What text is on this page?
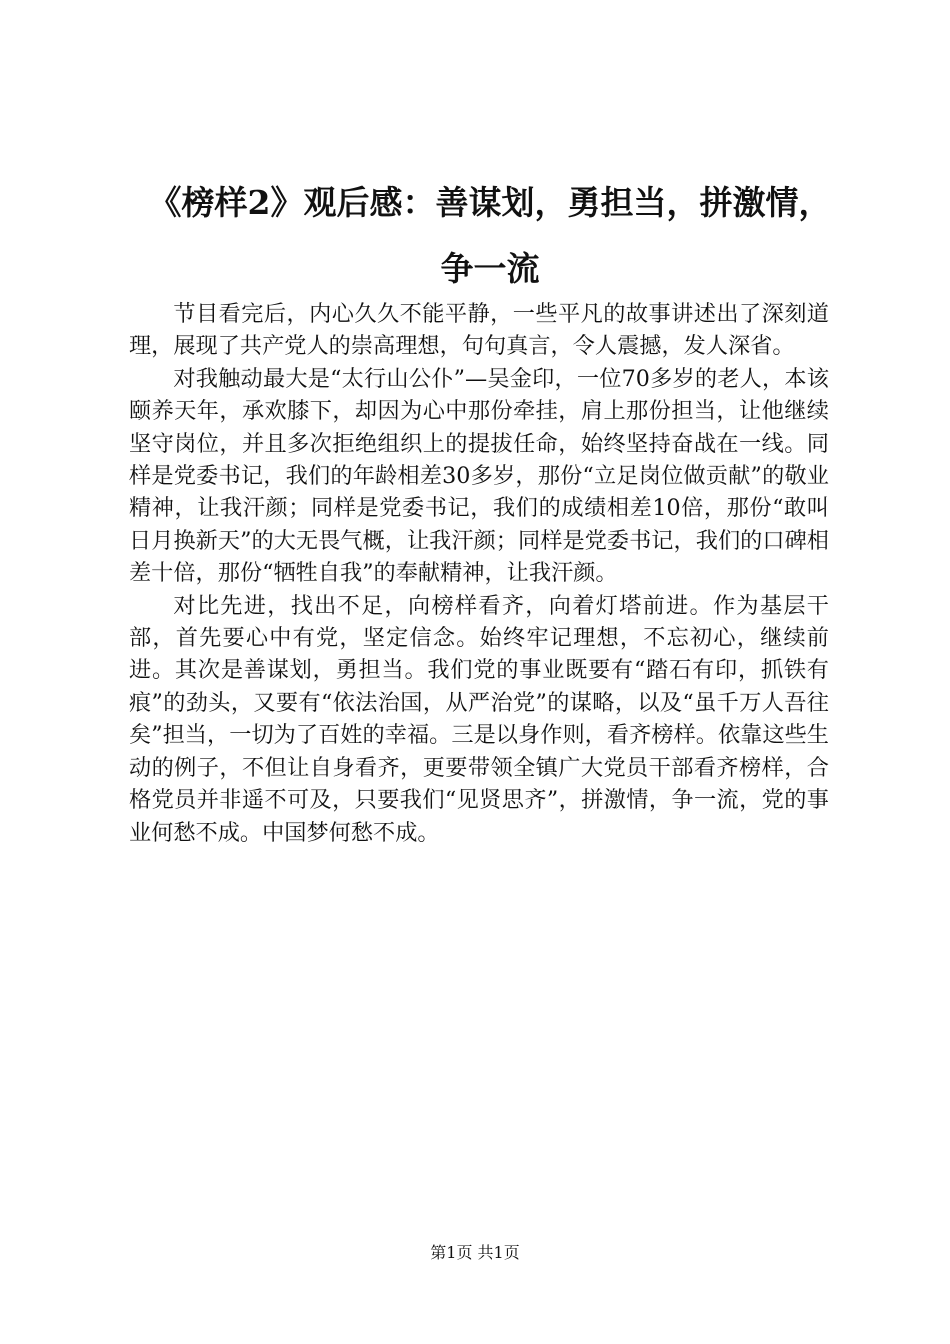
《榜样2》观后感：善谋划，勇担当，拼激情，
争一流

节目看完后，内心久久不能平静，一些平凡的故事讲述出了深刻道理，展现了共产党人的崇高理想，句句真言，令人震撼，发人深省。

对我触动最大是“太行山公仆”—吴金印，一位70多岁的老人，本该颐养天年，承欢膝下，却因为心中那份牵挂，肩上那份担当，让他继续坚守岗位，并且多次拒绝组织上的提拔任命，始终坚持奋战在一线。同样是党委书记，我们的年龄相差30多岁，那份“立足岗位做贡献”的敬业精神，让我汗颜；同样是党委书记，我们的成绩相差10倍，那份“敢叫日月换新天”的大无畏气概，让我汗颜；同样是党委书记，我们的口碑相差十倍，那份“牺牲自我”的奉献精神，让我汗颜。

对比先进，找出不足，向榜样看齐，向着灯塔前进。作为基层干部，首先要心中有党，坚定信念。始终牢记理想，不忘初心，继续前进。其次是善谋划，勇担当。我们党的事业既要有“踏石有印，抓铁有痕”的劲头，又要有“依法治国，从严治党”的谋略，以及“虽千万人吾往矣”担当，一切为了百姓的幸福。三是以身作则，看齐榜样。依靠这些生动的例子，不但让自身看齐，更要带领全镇广大党员干部看齐榜样，合格党员并非遥不可及，只要我们“见贤思齐”，拼激情，争一流，党的事业何愁不成。中国梦何愁不成。

第1页 共1页
